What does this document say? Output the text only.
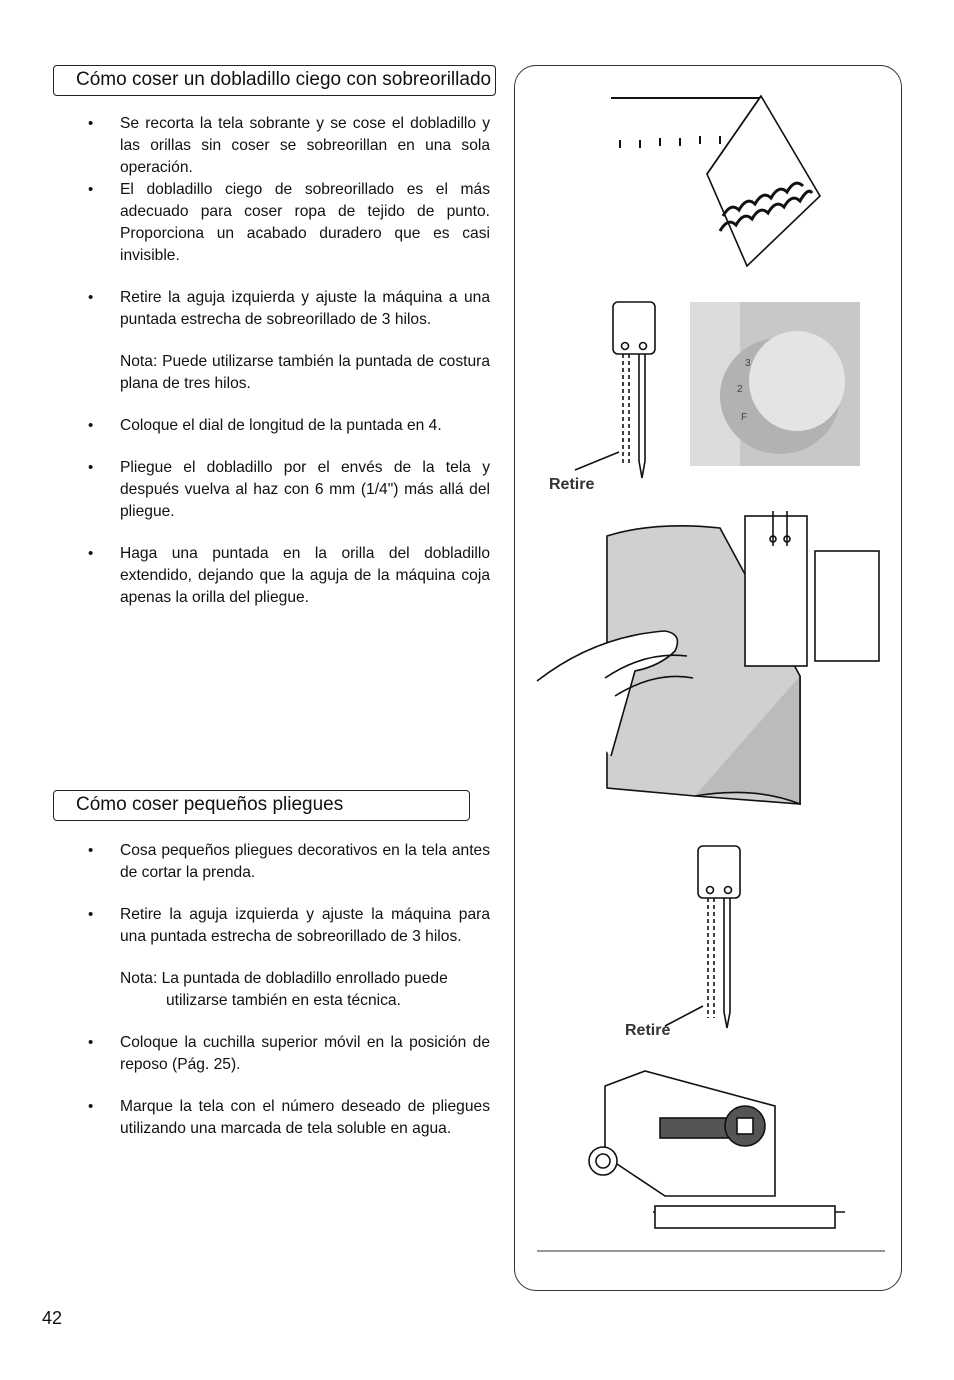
Cómo coser un dobladillo ciego con sobreorillado
• Se recorta la tela sobrante y se cose el dobladillo y las orillas sin coser se sobreorillan en una sola operación.
• El dobladillo ciego de sobreorillado es el más adecuado para coser ropa de tejido de punto. Proporciona un acabado duradero que es casi invisible.
• Retire la aguja izquierda y ajuste la máquina a una puntada estrecha de sobreorillado de 3 hilos.
Nota: Puede utilizarse también la puntada de costura plana de tres hilos.
• Coloque el dial de longitud de la puntada en 4.
• Pliegue el dobladillo por el envés de la tela y después vuelva al haz con 6 mm (1/4") más allá del pliegue.
• Haga una puntada en la orilla del dobladillo extendido, dejando que la aguja de la máquina coja apenas la orilla del pliegue.
Cómo coser pequeños pliegues
• Cosa pequeños pliegues decorativos en la tela antes de cortar la prenda.
• Retire la aguja izquierda y ajuste la máquina para una puntada estrecha de sobreorillado de 3 hilos.
Nota: La puntada de dobladillo enrollado puede
utilizarse también en esta técnica.
• Coloque la cuchilla superior móvil en la posición de reposo (Pág. 25).
• Marque la tela con el número deseado de pliegues utilizando una marcada de tela soluble en agua.
3
2
F
Retire
Retire
42
